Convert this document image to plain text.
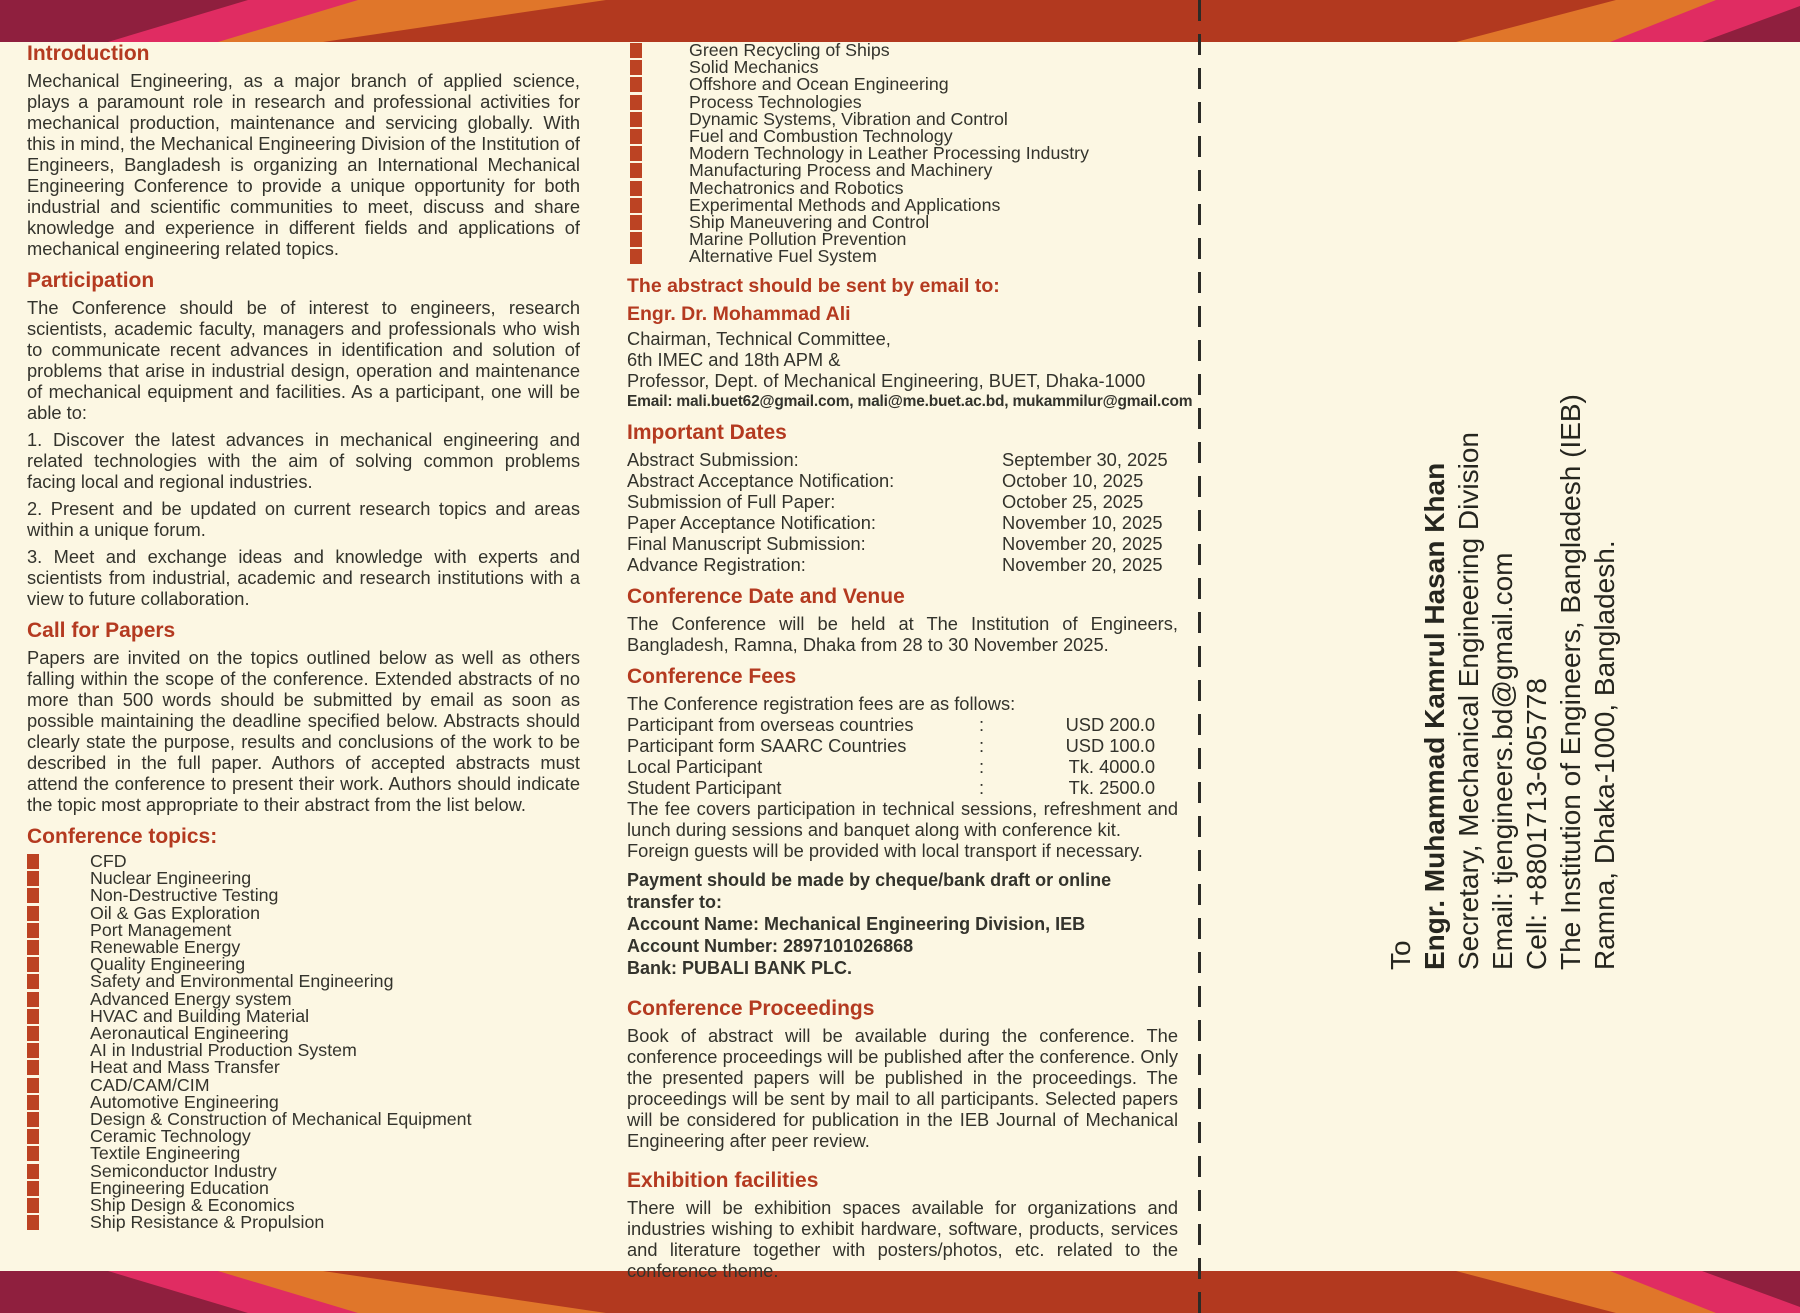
Introduction

Mechanical Engineering, as a major branch of applied science, plays a paramount role in research and professional activities for mechanical production, maintenance and servicing globally. With this in mind, the Mechanical Engineering Division of the Institution of Engineers, Bangladesh is organizing an International Mechanical Engineering Conference to provide a unique opportunity for both industrial and scientific communities to meet, discuss and share knowledge and experience in different fields and applications of mechanical engineering related topics.

Participation

The Conference should be of interest to engineers, research scientists, academic faculty, managers and professionals who wish to communicate recent advances in identification and solution of problems that arise in industrial design, operation and maintenance of mechanical equipment and facilities. As a participant, one will be able to:

1. Discover the latest advances in mechanical engineering and related technologies with the aim of solving common problems facing local and regional industries.

2. Present and be updated on current research topics and areas within a unique forum.

3. Meet and exchange ideas and knowledge with experts and scientists from industrial, academic and research institutions with a view to future collaboration.

Call for Papers

Papers are invited on the topics outlined below as well as others falling within the scope of the conference. Extended abstracts of no more than 500 words should be submitted by email as soon as possible maintaining the deadline specified below. Abstracts should clearly state the purpose, results and conclusions of the work to be described in the full paper. Authors of accepted abstracts must attend the conference to present their work. Authors should indicate the topic most appropriate to their abstract from the list below.

Conference topics:
CFD
Nuclear Engineering
Non-Destructive Testing
Oil & Gas Exploration
Port Management
Renewable Energy
Quality Engineering
Safety and Environmental Engineering
Advanced Energy system
HVAC and Building Material
Aeronautical Engineering
AI in Industrial Production System
Heat and Mass Transfer
CAD/CAM/CIM
Automotive Engineering
Design & Construction of Mechanical Equipment
Ceramic Technology
Textile Engineering
Semiconductor Industry
Engineering Education
Ship Design & Economics
Ship Resistance & Propulsion
Green Recycling of Ships
Solid Mechanics
Offshore and Ocean Engineering
Process Technologies
Dynamic Systems, Vibration and Control
Fuel and Combustion Technology
Modern Technology in Leather Processing Industry
Manufacturing Process and Machinery
Mechatronics and Robotics
Experimental Methods and Applications
Ship Maneuvering and Control
Marine Pollution Prevention
Alternative Fuel System

The abstract should be sent by email to:

Engr. Dr. Mohammad Ali

Chairman, Technical Committee,

6th IMEC and 18th APM &

Professor, Dept. of Mechanical Engineering, BUET, Dhaka-1000

Email: mali.buet62@gmail.com, mali@me.buet.ac.bd, mukammilur@gmail.com

Important Dates
Abstract Submission:	September 30, 2025
Abstract Acceptance Notification:	October 10, 2025
Submission of Full Paper:	October 25, 2025
Paper Acceptance Notification:	November 10, 2025
Final Manuscript Submission:	November 20, 2025
Advance Registration:	November 20, 2025
Conference Date and Venue

The Conference will be held at The Institution of Engineers, Bangladesh, Ramna, Dhaka from 28 to 30 November 2025.

Conference Fees

The Conference registration fees are as follows:

Participant from overseas countries	:	USD 200.0
Participant form SAARC Countries	:	USD 100.0
Local Participant	:	Tk. 4000.0
Student Participant	:	Tk. 2500.0

The fee covers participation in technical sessions, refreshment and lunch during sessions and banquet along with conference kit.

Foreign guests will be provided with local transport if necessary.

Payment should be made by cheque/bank draft or online transfer to:
Account Name: Mechanical Engineering Division, IEB
Account Number: 2897101026868
Bank: PUBALI BANK PLC.
Conference Proceedings

Book of abstract will be available during the conference. The conference proceedings will be published after the conference. Only the presented papers will be published in the proceedings. The proceedings will be sent by mail to all participants. Selected papers will be considered for publication in the IEB Journal of Mechanical Engineering after peer review.

Exhibition facilities

There will be exhibition spaces available for organizations and industries wishing to exhibit hardware, software, products, services and literature together with posters/photos, etc. related to the conference theme.

To Engr. Muhammad Kamrul Hasan Khan Secretary, Mechanical Engineering Division Email: tjengineers.bd@gmail.com Cell: +8801713-605778 The Institution of Engineers, Bangladesh (IEB) Ramna, Dhaka-1000, Bangladesh.
